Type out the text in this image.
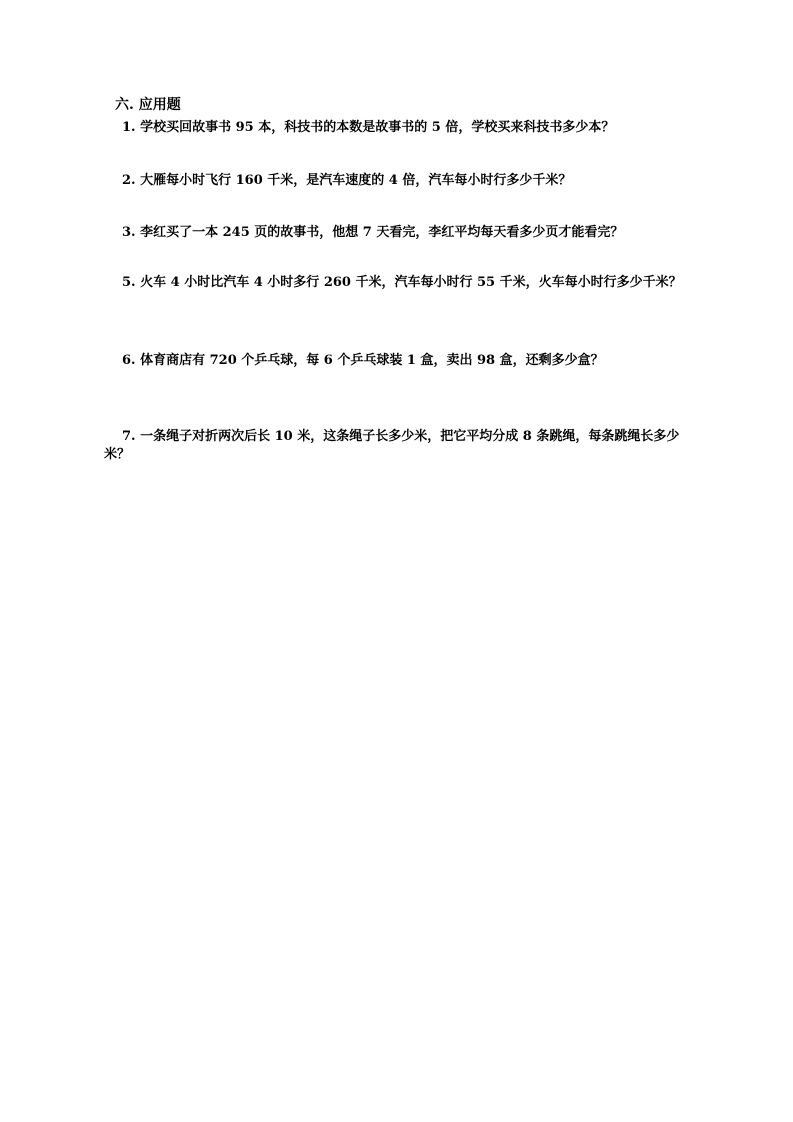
六. 应用题
1. 学校买回故事书 95 本，科技书的本数是故事书的 5 倍，学校买来科技书多少本？
2. 大雁每小时飞行 160 千米，是汽车速度的 4 倍，汽车每小时行多少千米？
3. 李红买了一本 245 页的故事书，他想 7 天看完，李红平均每天看多少页才能看完？
5. 火车 4 小时比汽车 4 小时多行 260 千米，汽车每小时行 55 千米，火车每小时行多少千米？
6. 体育商店有 720 个乒乓球，每 6 个乒乓球装 1 盒，卖出 98 盒，还剩多少盒？
7. 一条绳子对折两次后长 10 米，这条绳子长多少米，把它平均分成 8 条跳绳，每条跳绳长多少米？
